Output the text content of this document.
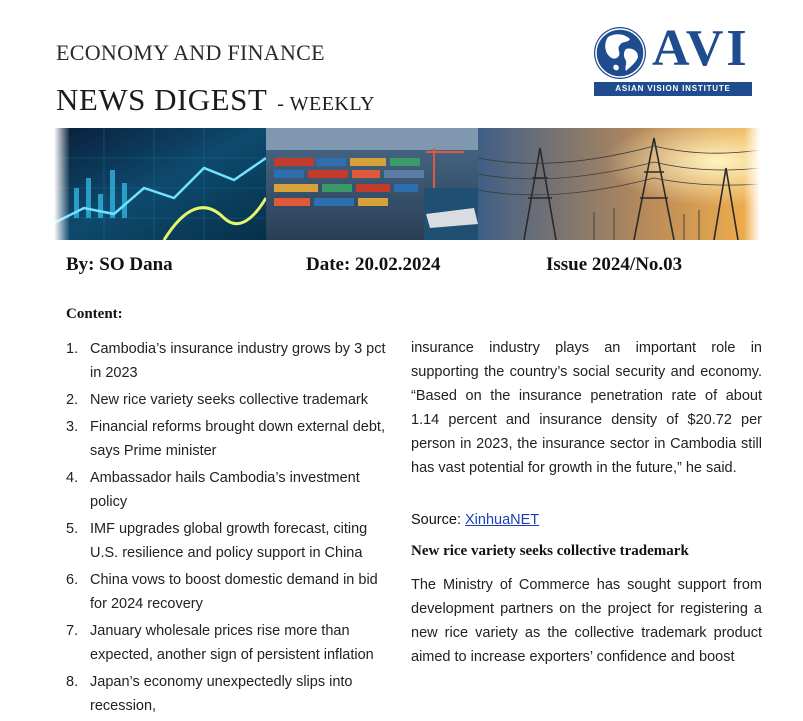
ECONOMY AND FINANCE
NEWS DIGEST - WEEKLY
AVI
ASIAN VISION INSTITUTE
By: SO Dana	Date: 20.02.2024	Issue 2024/No.03
Content:
1. Cambodia’s insurance industry grows by 3 pct in 2023
2. New rice variety seeks collective trademark
3. Financial reforms brought down external debt, says Prime minister
4. Ambassador hails Cambodia’s investment policy
5. IMF upgrades global growth forecast, citing U.S. resilience and policy support in China
6. China vows to boost domestic demand in bid for 2024 recovery
7. January wholesale prices rise more than expected, another sign of persistent inflation
8. Japan’s economy unexpectedly slips into recession,
insurance industry plays an important role in supporting the country’s social security and economy. “Based on the insurance penetration rate of about 1.14 percent and insurance density of $20.72 per person in 2023, the insurance sector in Cambodia still has vast potential for growth in the future,” he said.
Source: XinhuaNET
New rice variety seeks collective trademark
The Ministry of Commerce has sought support from development partners on the project for registering a new rice variety as the collective trademark product aimed to increase exporters’ confidence and boost
